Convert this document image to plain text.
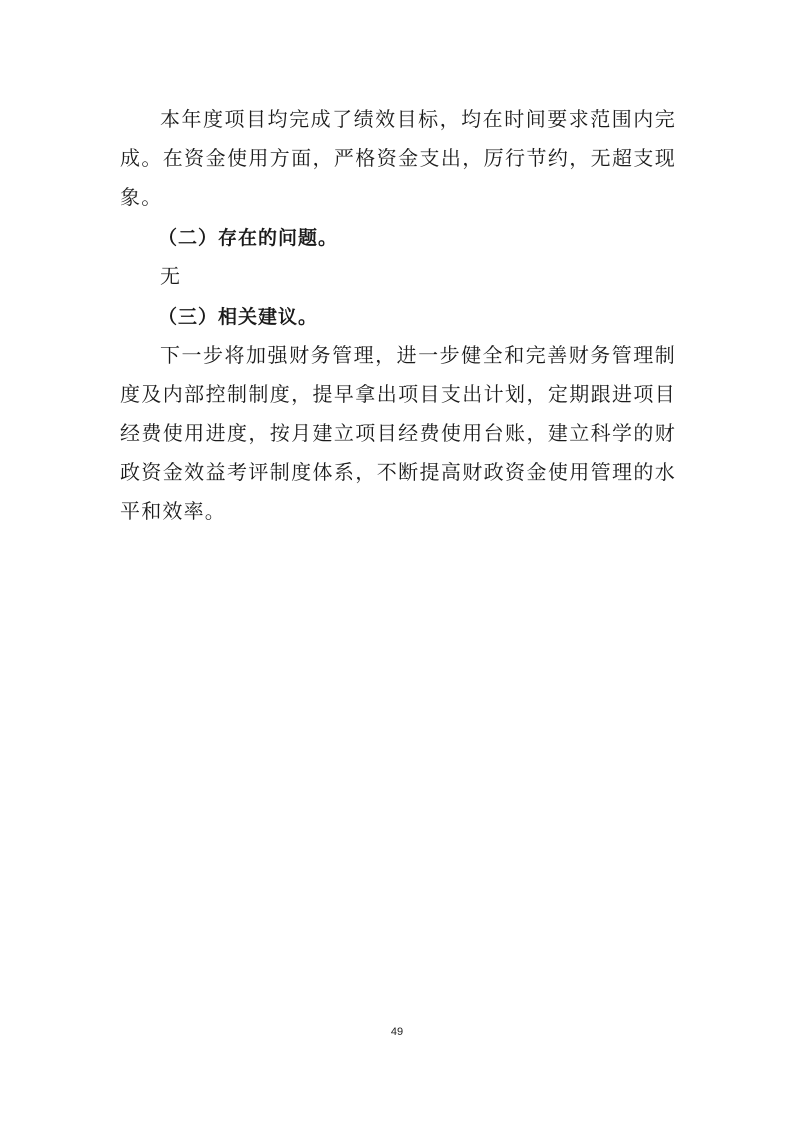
本年度项目均完成了绩效目标，均在时间要求范围内完成。在资金使用方面，严格资金支出，厉行节约，无超支现象。

（二）存在的问题。

无

（三）相关建议。

下一步将加强财务管理，进一步健全和完善财务管理制度及内部控制制度，提早拿出项目支出计划，定期跟进项目经费使用进度，按月建立项目经费使用台账，建立科学的财政资金效益考评制度体系，不断提高财政资金使用管理的水平和效率。

49
